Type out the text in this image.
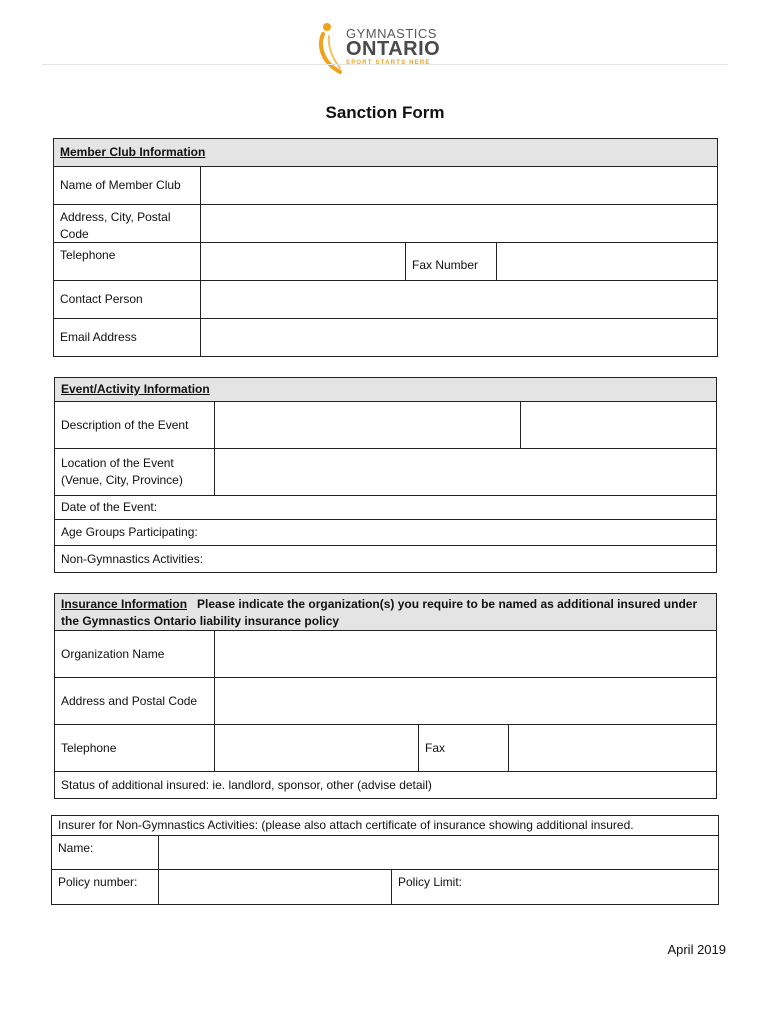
GYMNASTICS
ONTARIO
SPORT STARTS HERE
Sanction Form
Member Club Information
Name of Member Club
Address, City, Postal Code
Telephone
Fax Number
Contact Person
Email Address
Event/Activity Information
Description of the Event
Location of the Event (Venue, City, Province)
Date of the Event:
Age Groups Participating:
Non-Gymnastics Activities:
Insurance Information Please indicate the organization(s) you require to be named as additional insured under the Gymnastics Ontario liability insurance policy
Organization Name
Address and Postal Code
Telephone	Fax
Status of additional insured: ie. landlord, sponsor, other (advise detail)
Insurer for Non-Gymnastics Activities: (please also attach certificate of insurance showing additional insured.
Name:
Policy number:	Policy Limit:
April 2019
